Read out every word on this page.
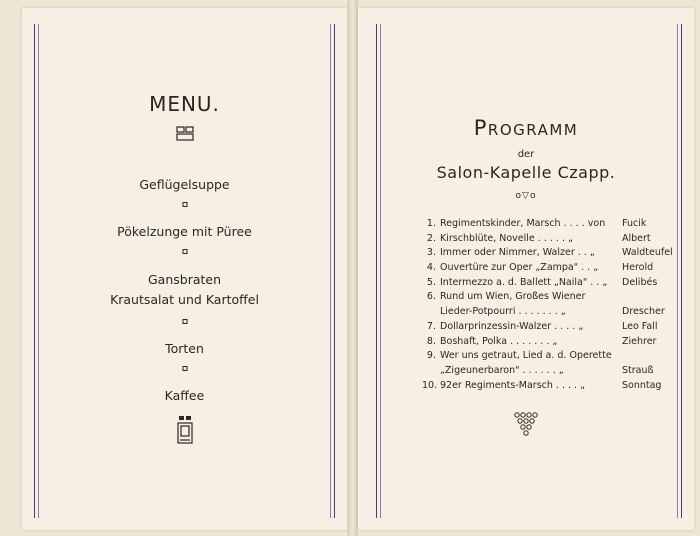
MENU.
Geflügelsuppe
Pökelzunge mit Püree
Gansbraten
Krautsalat und Kartoffel
Torten
Kaffee
Programm
der
Salon-Kapelle Czapp.
o▽o
1. Regimentskinder, Marsch . . . . von Fucik
2. Kirschblüte, Novelle . . . . . „	Albert
3. Immer oder Nimmer, Walzer . . „	Waldteufel
4. Ouvertüre zur Oper „Zampa" . . „	Herold
5. Intermezzo a. d. Ballett „Naila" . . „ Delibés
6. Rund um Wien, Großes Wiener
Lieder-Potpourri . . . . . . . „	Drescher
7. Dollarprinzessin-Walzer . . . . „	Leo Fall
8. Boshaft, Polka . . . . . . . „	Ziehrer
9. Wer uns getraut, Lied a. d. Operette
„Zigeunerbaron" . . . . . . „	Strauß
10. 92er Regiments-Marsch . . . . „	Sonntag
